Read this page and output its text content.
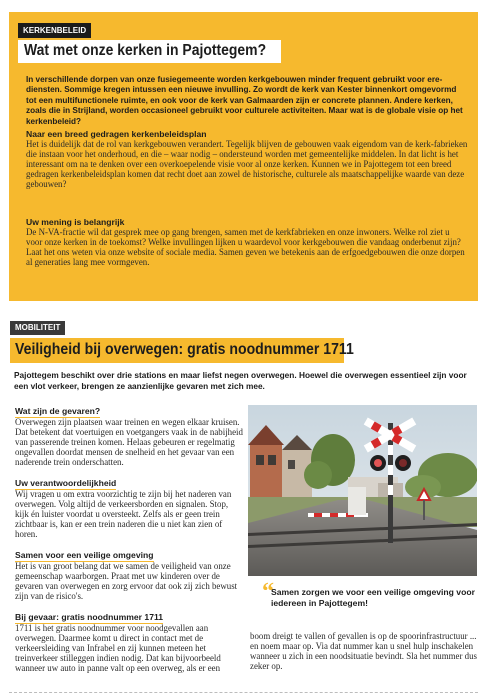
KERKENBELEID
Wat met onze kerken in Pajottegem?
In verschillende dorpen van onze fusiegemeente worden kerkgebouwen minder frequent gebruikt voor ere-diensten. Sommige kregen intussen een nieuwe invulling. Zo wordt de kerk van Kester binnenkort omgevormd tot een multifunctionele ruimte, en ook voor de kerk van Galmaarden zijn er concrete plannen. Andere kerken, zoals die in Strijland, worden occasioneel gebruikt voor culturele activiteiten. Maar wat is de globale visie op het kerkenbeleid?
Naar een breed gedragen kerkenbeleidsplan
Het is duidelijk dat de rol van kerkgebouwen verandert. Tegelijk blijven de gebouwen vaak eigendom van de kerk-fabrieken die instaan voor het onderhoud, en die – waar nodig – ondersteund worden met gemeentelijke middelen. In dat licht is het interessant om na te denken over een overkoepelende visie voor al onze kerken. Kunnen we in Pajottegem tot een breed gedragen kerkenbeleidsplan komen dat recht doet aan zowel de historische, culturele als maatschappelijke waarde van deze gebouwen?
Uw mening is belangrijk
De N-VA-fractie wil dat gesprek mee op gang brengen, samen met de kerkfabrieken en onze inwoners. Welke rol ziet u voor onze kerken in de toekomst? Welke invullingen lijken u waardevol voor kerkgebouwen die vandaag onderbenut zijn? Laat het ons weten via onze website of sociale media. Samen geven we betekenis aan de erfgoedgebouwen die onze dorpen al generaties lang mee vormgeven.
MOBILITEIT
Veiligheid bij overwegen: gratis noodnummer 1711
Pajottegem beschikt over drie stations en maar liefst negen overwegen. Hoewel die overwegen essentieel zijn voor een vlot verkeer, brengen ze aanzienlijke gevaren met zich mee.
Wat zijn de gevaren?
Overwegen zijn plaatsen waar treinen en wegen elkaar kruisen. Dat betekent dat voertuigen en voetgangers vaak in de nabijheid van passerende treinen komen. Helaas gebeuren er regelmatig ongevallen doordat mensen de snelheid en het gevaar van een naderende trein onderschatten.
Uw verantwoordelijkheid
Wij vragen u om extra voorzichtig te zijn bij het naderen van overwegen. Volg altijd de verkeersborden en signalen. Stop, kijk én luister voordat u oversteekt. Zelfs als er geen trein zichtbaar is, kan er een trein naderen die u niet kan zien of horen.
Samen voor een veilige omgeving
Het is van groot belang dat we samen de veiligheid van onze gemeenschap waarborgen. Praat met uw kinderen over de gevaren van overwegen en zorg ervoor dat ook zij zich bewust zijn van de risico's.
Bij gevaar: gratis noodnummer 1711
1711 is het gratis noodnummer voor noodgevallen aan overwegen. Daarmee komt u direct in contact met de verkeersleiding van Infrabel en zij kunnen meteen het treinverkeer stilleggen indien nodig. Dat kan bijvoorbeeld wanneer uw auto in panne valt op een overweg, als er een
“
Samen zorgen we voor een veilige omgeving voor iedereen in Pajottegem!
boom dreigt te vallen of gevallen is op de spoorinfrastructuur ... en noem maar op. Via dat nummer kan u snel hulp inschakelen wanneer u zich in een noodsituatie bevindt. Sla het nummer dus zeker op.
